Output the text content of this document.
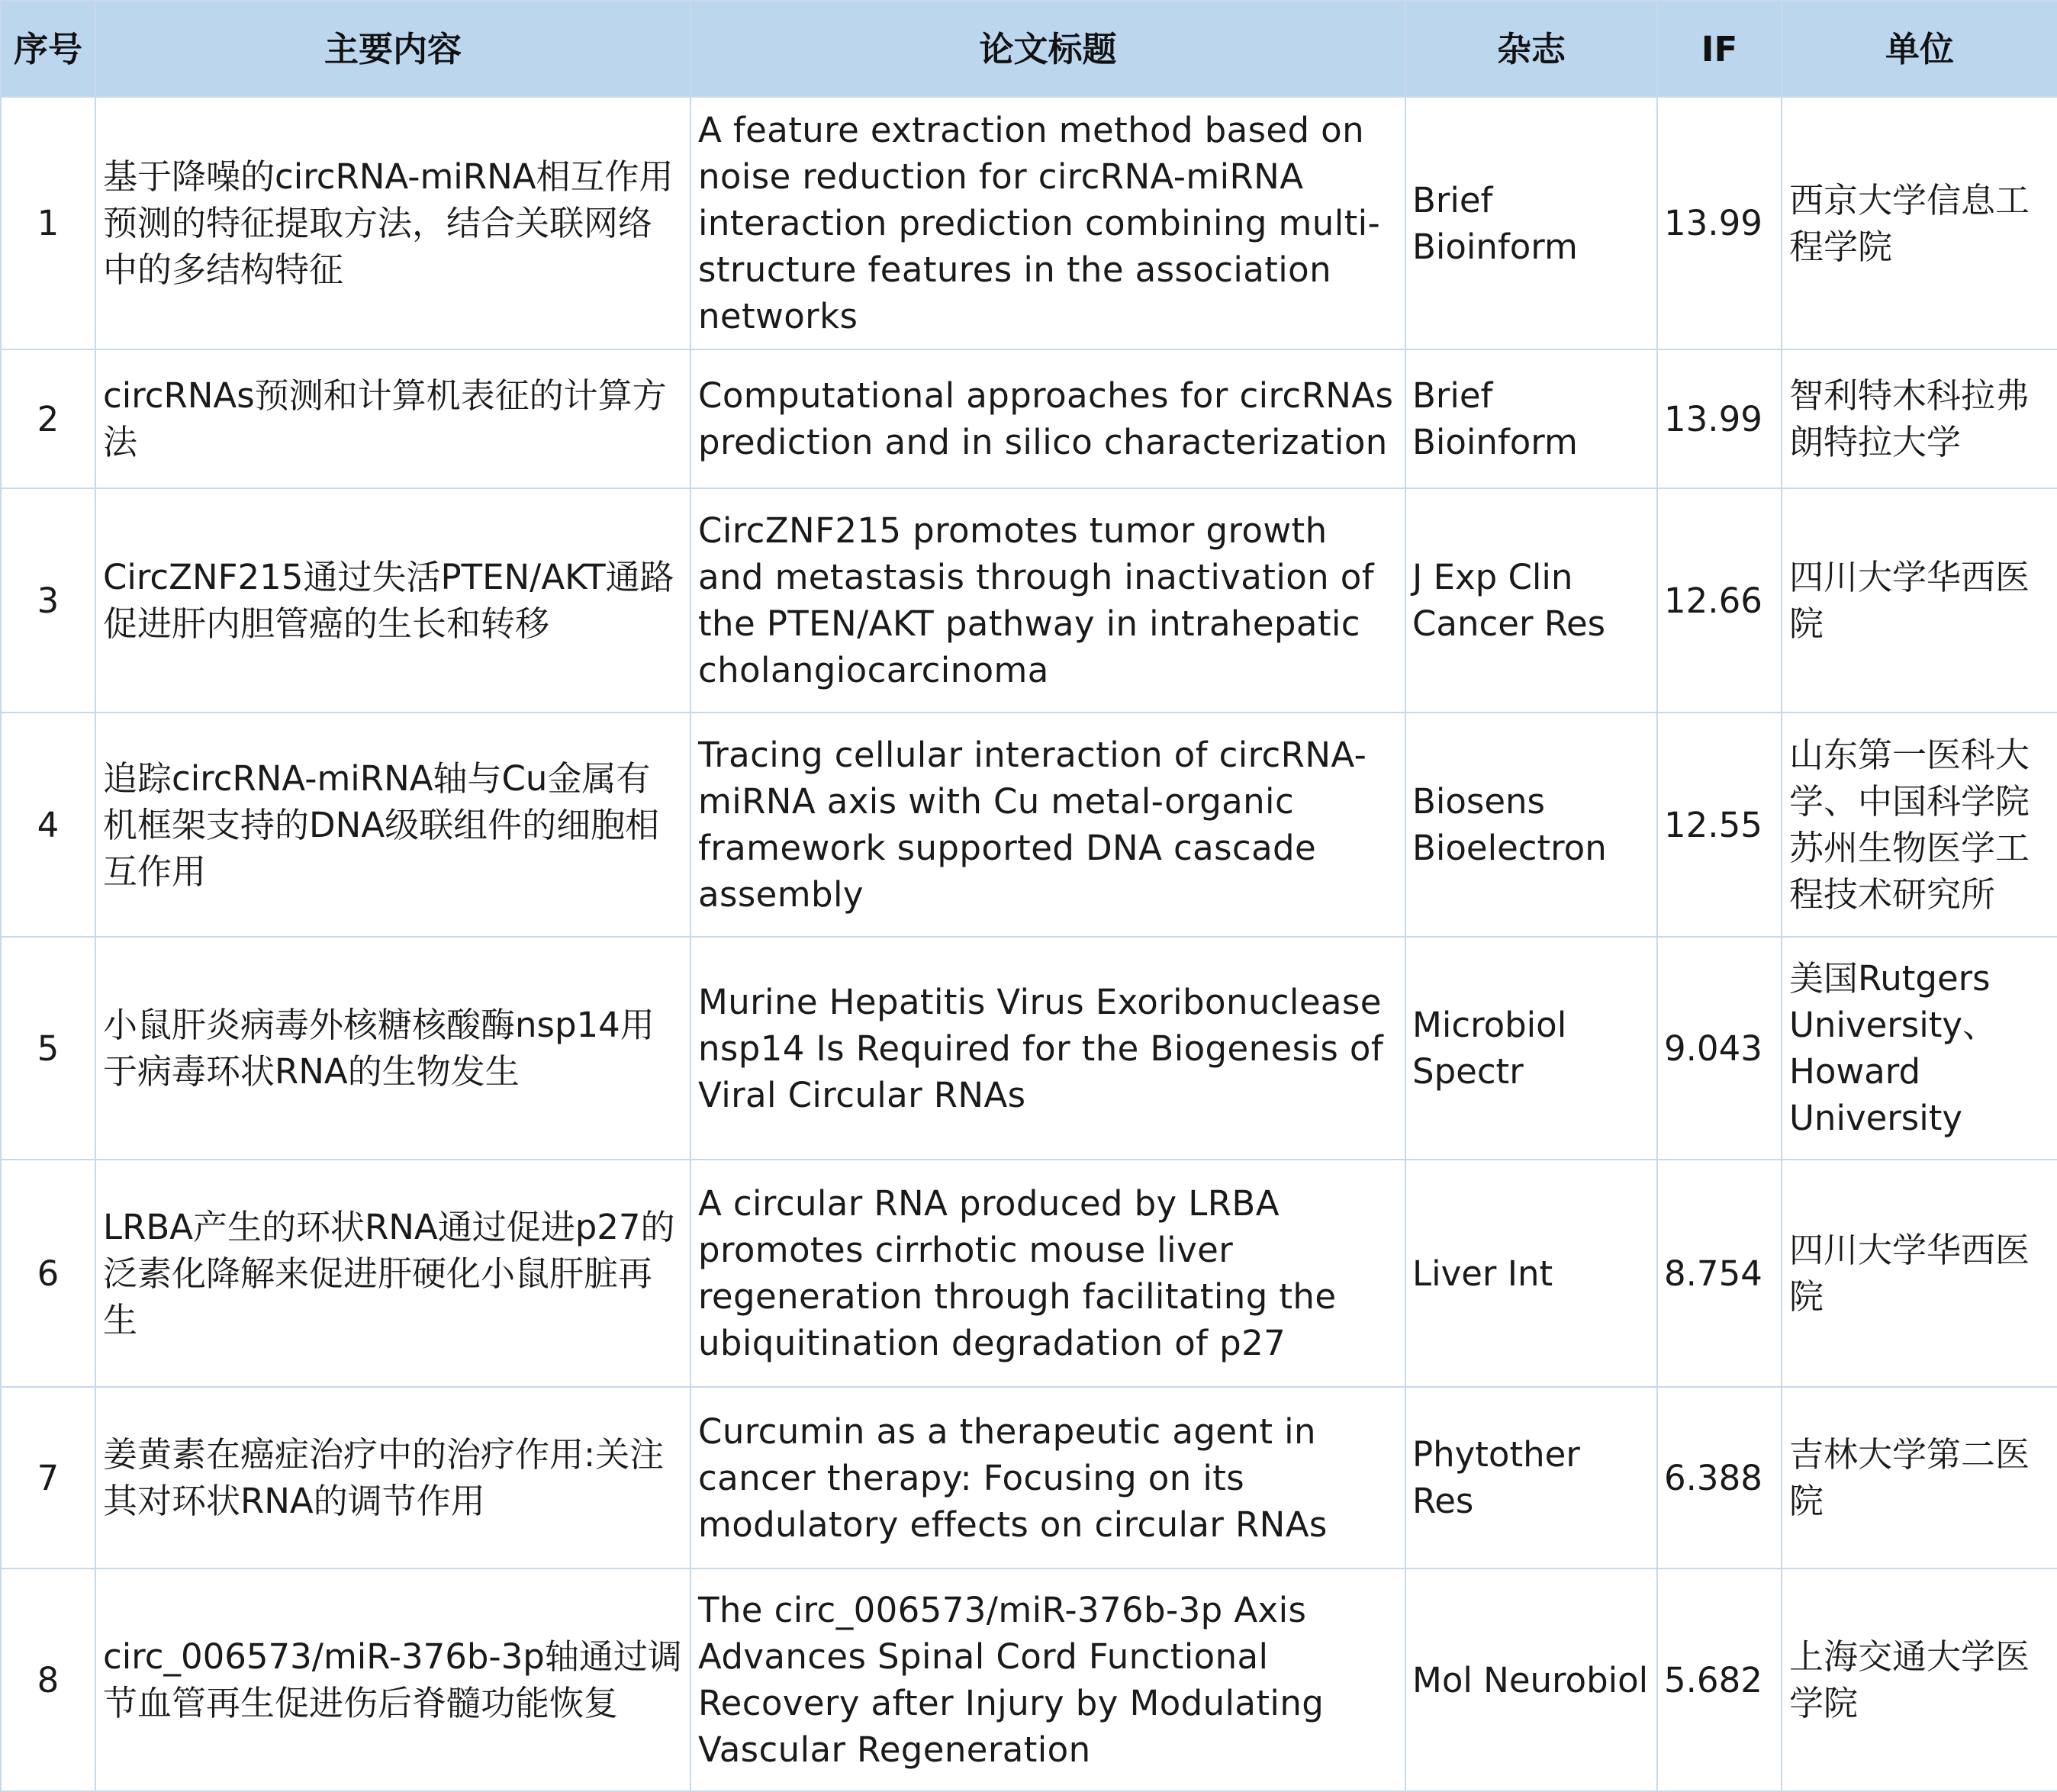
序号	主要内容	论文标题	杂志	IF	单位
1	基于降噪的circRNA-miRNA相互作用预测的特征提取方法，结合关联网络中的多结构特征	A feature extraction method based on noise reduction for circRNA-miRNA interaction prediction combining multi-structure features in the association networks	Brief Bioinform	13.99	西京大学信息工程学院
2	circRNAs预测和计算机表征的计算方法	Computational approaches for circRNAs prediction and in silico characterization	Brief Bioinform	13.99	智利特木科拉弗朗特拉大学
3	CircZNF215通过失活PTEN/AKT通路促进肝内胆管癌的生长和转移	CircZNF215 promotes tumor growth and metastasis through inactivation of the PTEN/AKT pathway in intrahepatic cholangiocarcinoma	J Exp Clin Cancer Res	12.66	四川大学华西医院
4	追踪circRNA-miRNA轴与Cu金属有机框架支持的DNA级联组件的细胞相互作用	Tracing cellular interaction of circRNA-miRNA axis with Cu metal-organic framework supported DNA cascade assembly	Biosens Bioelectron	12.55	山东第一医科大学、中国科学院苏州生物医学工程技术研究所
5	小鼠肝炎病毒外核糖核酸酶nsp14用于病毒环状RNA的生物发生	Murine Hepatitis Virus Exoribonuclease nsp14 Is Required for the Biogenesis of Viral Circular RNAs	Microbiol Spectr	9.043	美国Rutgers University、Howard University
6	LRBA产生的环状RNA通过促进p27的泛素化降解来促进肝硬化小鼠肝脏再生	A circular RNA produced by LRBA promotes cirrhotic mouse liver regeneration through facilitating the ubiquitination degradation of p27	Liver Int	8.754	四川大学华西医院
7	姜黄素在癌症治疗中的治疗作用:关注其对环状RNA的调节作用	Curcumin as a therapeutic agent in cancer therapy: Focusing on its modulatory effects on circular RNAs	Phytother Res	6.388	吉林大学第二医院
8	circ_006573/miR-376b-3p轴通过调节血管再生促进伤后脊髓功能恢复	The circ_006573/miR-376b-3p Axis Advances Spinal Cord Functional Recovery after Injury by Modulating Vascular Regeneration	Mol Neurobiol	5.682	上海交通大学医学院
